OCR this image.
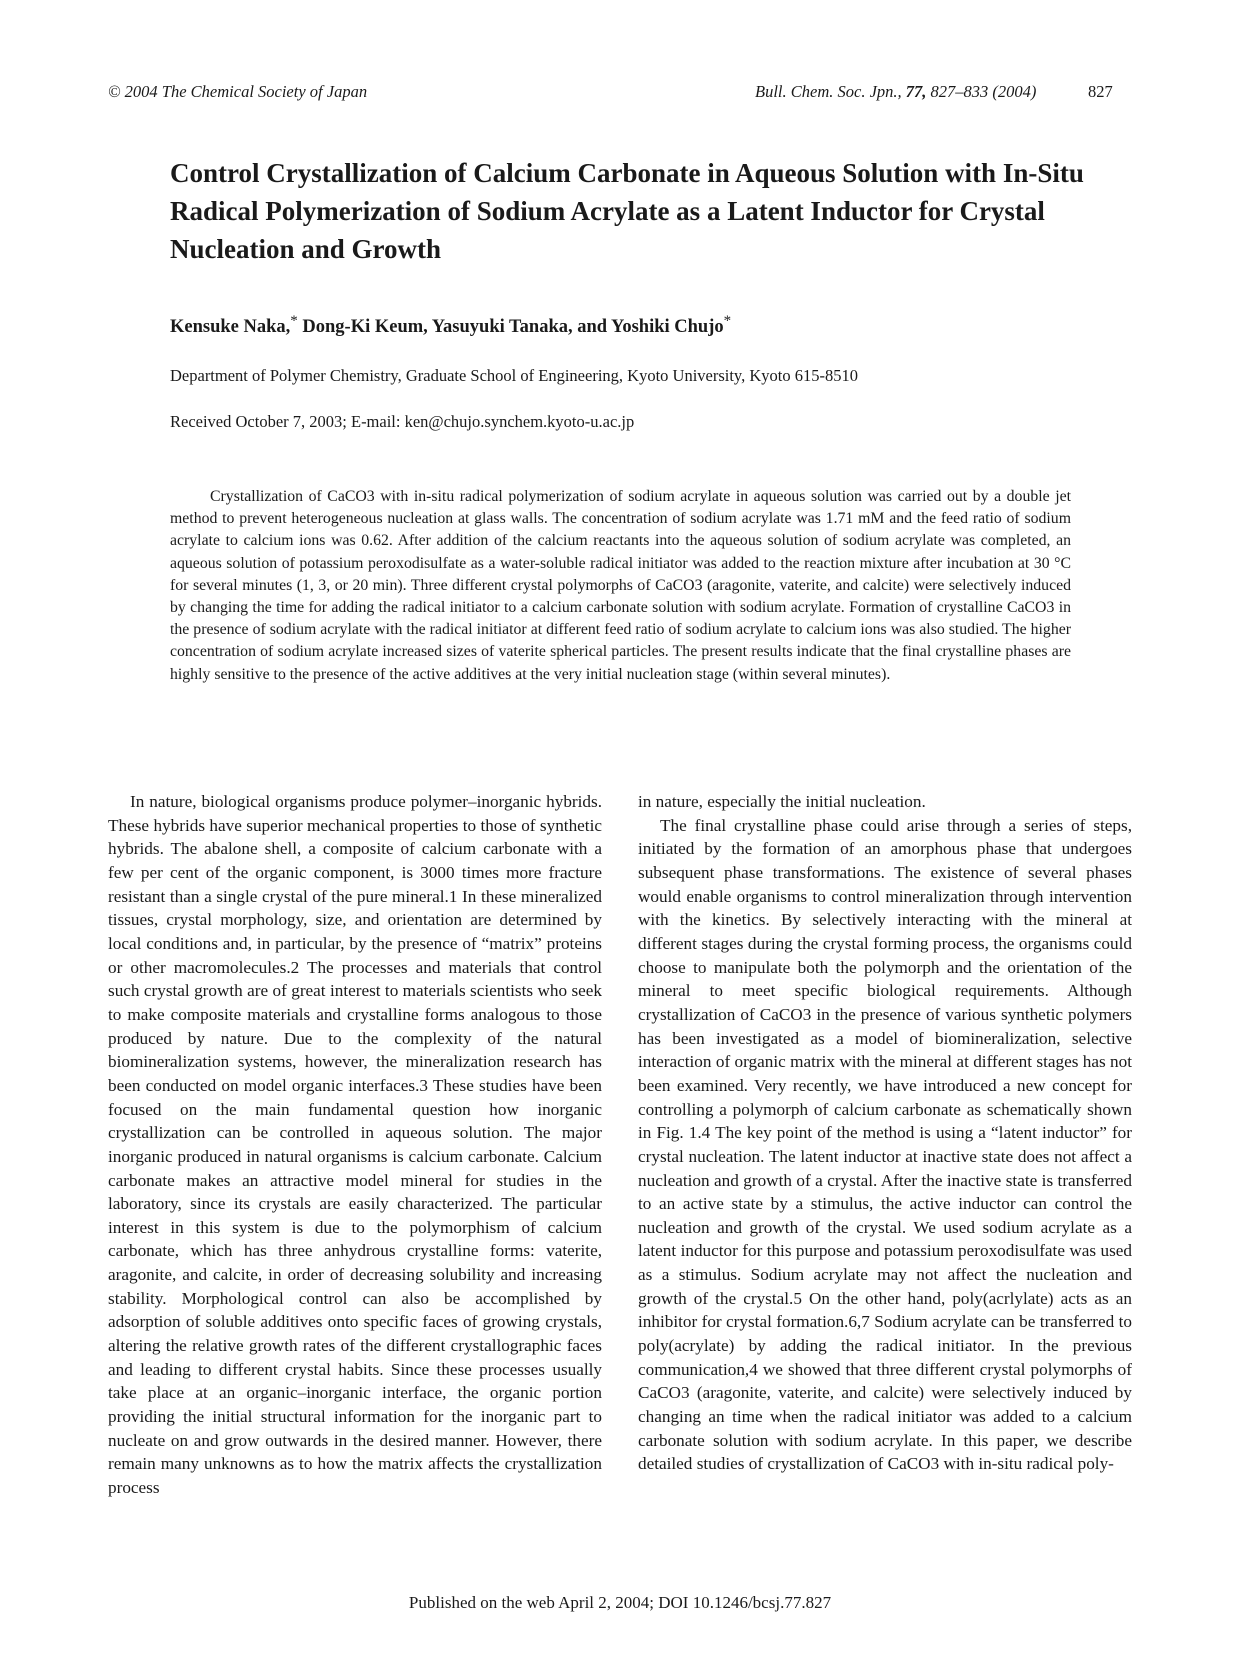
© 2004 The Chemical Society of Japan	Bull. Chem. Soc. Jpn., 77, 827–833 (2004)	827
Control Crystallization of Calcium Carbonate in Aqueous Solution with In-Situ Radical Polymerization of Sodium Acrylate as a Latent Inductor for Crystal Nucleation and Growth
Kensuke Naka,* Dong-Ki Keum, Yasuyuki Tanaka, and Yoshiki Chujo*
Department of Polymer Chemistry, Graduate School of Engineering, Kyoto University, Kyoto 615-8510
Received October 7, 2003; E-mail: ken@chujo.synchem.kyoto-u.ac.jp

Crystallization of CaCO3 with in-situ radical polymerization of sodium acrylate in aqueous solution was carried out by a double jet method to prevent heterogeneous nucleation at glass walls. The concentration of sodium acrylate was 1.71 mM and the feed ratio of sodium acrylate to calcium ions was 0.62. After addition of the calcium reactants into the aqueous solution of sodium acrylate was completed, an aqueous solution of potassium peroxodisulfate as a water-soluble radical initiator was added to the reaction mixture after incubation at 30 °C for several minutes (1, 3, or 20 min). Three different crystal polymorphs of CaCO3 (aragonite, vaterite, and calcite) were selectively induced by changing the time for adding the radical initiator to a calcium carbonate solution with sodium acrylate. Formation of crystalline CaCO3 in the presence of sodium acrylate with the radical initiator at different feed ratio of sodium acrylate to calcium ions was also studied. The higher concentration of sodium acrylate increased sizes of vaterite spherical particles. The present results indicate that the final crystalline phases are highly sensitive to the presence of the active additives at the very initial nucleation stage (within several minutes).

In nature, biological organisms produce polymer–inorganic hybrids. These hybrids have superior mechanical properties to those of synthetic hybrids. The abalone shell, a composite of calcium carbonate with a few per cent of the organic component, is 3000 times more fracture resistant than a single crystal of the pure mineral.1 In these mineralized tissues, crystal morphology, size, and orientation are determined by local conditions and, in particular, by the presence of “matrix” proteins or other macromolecules.2 The processes and materials that control such crystal growth are of great interest to materials scientists who seek to make composite materials and crystalline forms analogous to those produced by nature. Due to the complexity of the natural biomineralization systems, however, the mineralization research has been conducted on model organic interfaces.3 These studies have been focused on the main fundamental question how inorganic crystallization can be controlled in aqueous solution. The major inorganic produced in natural organisms is calcium carbonate. Calcium carbonate makes an attractive model mineral for studies in the laboratory, since its crystals are easily characterized. The particular interest in this system is due to the polymorphism of calcium carbonate, which has three anhydrous crystalline forms: vaterite, aragonite, and calcite, in order of decreasing solubility and increasing stability. Morphological control can also be accomplished by adsorption of soluble additives onto specific faces of growing crystals, altering the relative growth rates of the different crystallographic faces and leading to different crystal habits. Since these processes usually take place at an organic–inorganic interface, the organic portion providing the initial structural information for the inorganic part to nucleate on and grow outwards in the desired manner. However, there remain many unknowns as to how the matrix affects the crystallization process

in nature, especially the initial nucleation.

The final crystalline phase could arise through a series of steps, initiated by the formation of an amorphous phase that undergoes subsequent phase transformations. The existence of several phases would enable organisms to control mineralization through intervention with the kinetics. By selectively interacting with the mineral at different stages during the crystal forming process, the organisms could choose to manipulate both the polymorph and the orientation of the mineral to meet specific biological requirements. Although crystallization of CaCO3 in the presence of various synthetic polymers has been investigated as a model of biomineralization, selective interaction of organic matrix with the mineral at different stages has not been examined. Very recently, we have introduced a new concept for controlling a polymorph of calcium carbonate as schematically shown in Fig. 1.4 The key point of the method is using a “latent inductor” for crystal nucleation. The latent inductor at inactive state does not affect a nucleation and growth of a crystal. After the inactive state is transferred to an active state by a stimulus, the active inductor can control the nucleation and growth of the crystal. We used sodium acrylate as a latent inductor for this purpose and potassium peroxodisulfate was used as a stimulus. Sodium acrylate may not affect the nucleation and growth of the crystal.5 On the other hand, poly(acrlylate) acts as an inhibitor for crystal formation.6,7 Sodium acrylate can be transferred to poly(acrylate) by adding the radical initiator. In the previous communication,4 we showed that three different crystal polymorphs of CaCO3 (aragonite, vaterite, and calcite) were selectively induced by changing an time when the radical initiator was added to a calcium carbonate solution with sodium acrylate. In this paper, we describe detailed studies of crystallization of CaCO3 with in-situ radical poly-

Published on the web April 2, 2004; DOI 10.1246/bcsj.77.827
